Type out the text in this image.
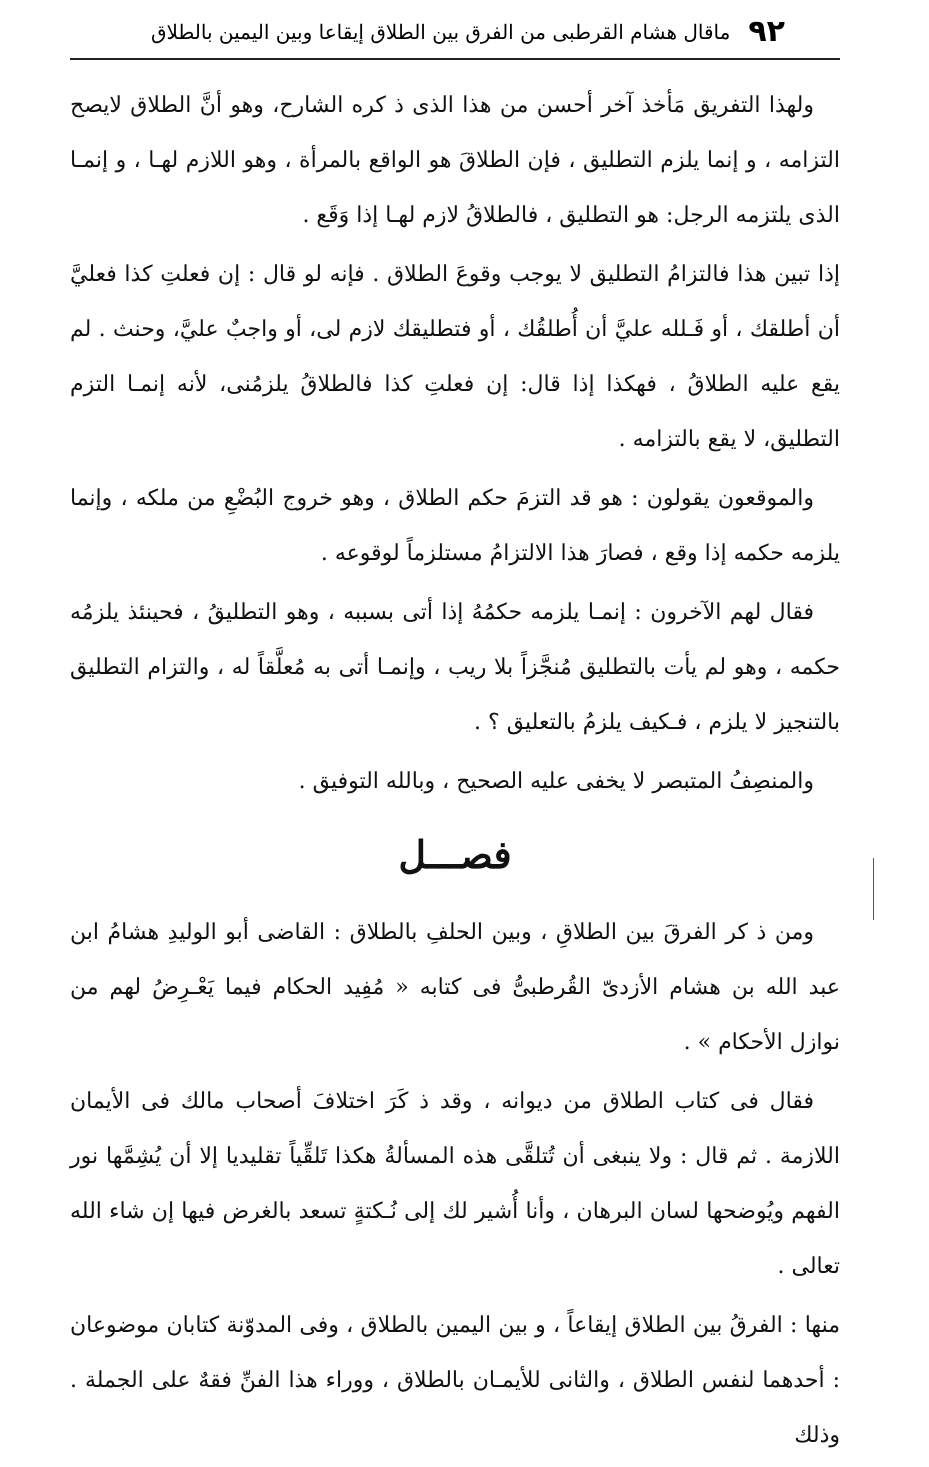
٩٢
ماقال هشام القرطبى من الفرق بين الطلاق إيقاعا وبين اليمين بالطلاق

ولهذا التفريق مَأخذ آخر أحسن من هذا الذى ذ كره الشارح، وهو أنَّ الطلاق لايصح التزامه ، و إنما يلزم التطليق ، فإن الطلاقَ هو الواقع بالمرأة ، وهو اللازم لهـا ، و إنمـا الذى يلتزمه الرجل: هو التطليق ، فالطلاقُ لازم لهـا إذا وَقَع .

إذا تبين هذا فالتزامُ التطليق لا يوجب وقوعَ الطلاق . فإنه لو قال : إن فعلتِ كذا فعليَّ أن أطلقك ، أو فَـلله عليَّ أن أُطلقُك ، أو فتطليقك لازم لى، أو واجبٌ عليَّ، وحنث . لم يقع عليه الطلاقُ ، فهكذا إذا قال: إن فعلتِ كذا فالطلاقُ يلزمُنى، لأنه إنمـا التزم التطليق، لا يقع بالتزامه .

والموقعون يقولون : هو قد التزمَ حكم الطلاق ، وهو خروج البُضْعِ من ملكه ، وإنما يلزمه حكمه إذا وقع ، فصارَ هذا الالتزامُ مستلزماً لوقوعه .

فقال لهم الآخرون : إنمـا يلزمه حكمُهُ إذا أتى بسببه ، وهو التطليقُ ، فحينئذ يلزمُه حكمه ، وهو لم يأت بالتطليق مُنجَّزاً بلا ريب ، وإنمـا أتى به مُعلَّقاً له ، والتزام التطليق بالتنجيز لا يلزم ، فـكيف يلزمُ بالتعليق ؟ .

والمنصِفُ المتبصر لا يخفى عليه الصحيح ، وبالله التوفيق .

فصـــل

ومن ذ كر الفرقَ بين الطلاقِ ، وبين الحلفِ بالطلاق : القاضى أبو الوليدِ هشامُ ابن عبد الله بن هشام الأزدىّ القُرطبىُّ فى كتابه « مُفِيد الحكام فيما يَعْـرِضُ لهم من نوازل الأحكام » .

فقال فى كتاب الطلاق من ديوانه ، وقد ذ كَرَ اختلافَ أصحاب مالك فى الأيمان اللازمة . ثم قال : ولا ينبغى أن تُتلقَّى هذه المسألةُ هكذا تَلقِّياً تقليديا إلا أن يُشِمَّها نور الفهم ويُوضحها لسان البرهان ، وأنا أُشير لك إلى نُـكتةٍ تسعد بالغرض فيها إن شاء الله تعالى .

منها : الفرقُ بين الطلاق إيقاعاً ، و بين اليمين بالطلاق ، وفى المدوّنة كتابان موضوعان : أحدهما لنفس الطلاق ، والثانى للأيمـان بالطلاق ، ووراء هذا الفنِّ فقهٌ على الجملة . وذلك
